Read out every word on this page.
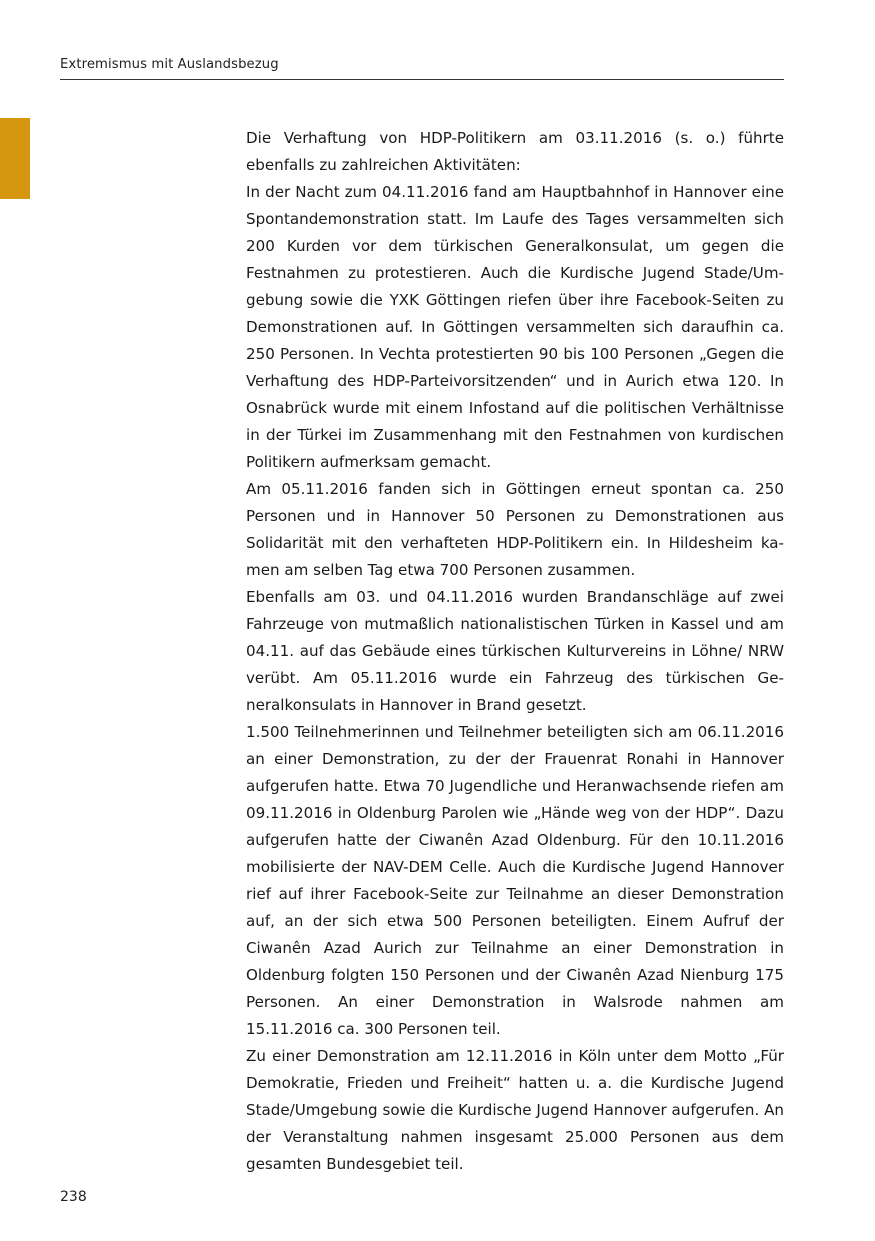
Extremismus mit Auslandsbezug

Die Verhaftung von HDP-Politikern am 03.11.2016 (s. o.) führte ebenfalls zu zahlreichen Aktivitäten:

In der Nacht zum 04.11.2016 fand am Hauptbahnhof in Hannover eine Spontandemonstration statt. Im Laufe des Tages versammelten sich 200 Kurden vor dem türkischen Generalkonsulat, um gegen die Festnahmen zu protestieren. Auch die Kurdische Jugend Stade/Umgebung sowie die YXK Göttingen riefen über ihre Facebook-Seiten zu Demonstrationen auf. In Göttingen versammelten sich daraufhin ca. 250 Personen. In Vechta protestierten 90 bis 100 Personen „Gegen die Verhaftung des HDP-Parteivorsitzenden“ und in Aurich etwa 120. In Osnabrück wurde mit einem Infostand auf die politischen Verhältnisse in der Türkei im Zusammenhang mit den Festnahmen von kurdischen Politikern aufmerksam gemacht.

Am 05.11.2016 fanden sich in Göttingen erneut spontan ca. 250 Personen und in Hannover 50 Personen zu Demonstrationen aus Solidarität mit den verhafteten HDP-Politikern ein. In Hildesheim kamen am selben Tag etwa 700 Personen zusammen.

Ebenfalls am 03. und 04.11.2016 wurden Brandanschläge auf zwei Fahrzeuge von mutmaßlich nationalistischen Türken in Kassel und am 04.11. auf das Gebäude eines türkischen Kulturvereins in Löhne/ NRW verübt. Am 05.11.2016 wurde ein Fahrzeug des türkischen Generalkonsulats in Hannover in Brand gesetzt.

1.500 Teilnehmerinnen und Teilnehmer beteiligten sich am 06.11.2016 an einer Demonstration, zu der der Frauenrat Ronahi in Hannover aufgerufen hatte. Etwa 70 Jugendliche und Heranwachsende riefen am 09.11.2016 in Oldenburg Parolen wie „Hände weg von der HDP“. Dazu aufgerufen hatte der Ciwanên Azad Oldenburg. Für den 10.11.2016 mobilisierte der NAV-DEM Celle. Auch die Kurdische Jugend Hannover rief auf ihrer Facebook-Seite zur Teilnahme an dieser Demonstration auf, an der sich etwa 500 Personen beteiligten. Einem Aufruf der Ciwanên Azad Aurich zur Teilnahme an einer Demonstration in Oldenburg folgten 150 Personen und der Ciwanên Azad Nienburg 175 Personen. An einer Demonstration in Walsrode nahmen am 15.11.2016 ca. 300 Personen teil.

Zu einer Demonstration am 12.11.2016 in Köln unter dem Motto „Für Demokratie, Frieden und Freiheit“ hatten u. a. die Kurdische Jugend Stade/Umgebung sowie die Kurdische Jugend Hannover aufgerufen. An der Veranstaltung nahmen insgesamt 25.000 Personen aus dem gesamten Bundesgebiet teil.

238
